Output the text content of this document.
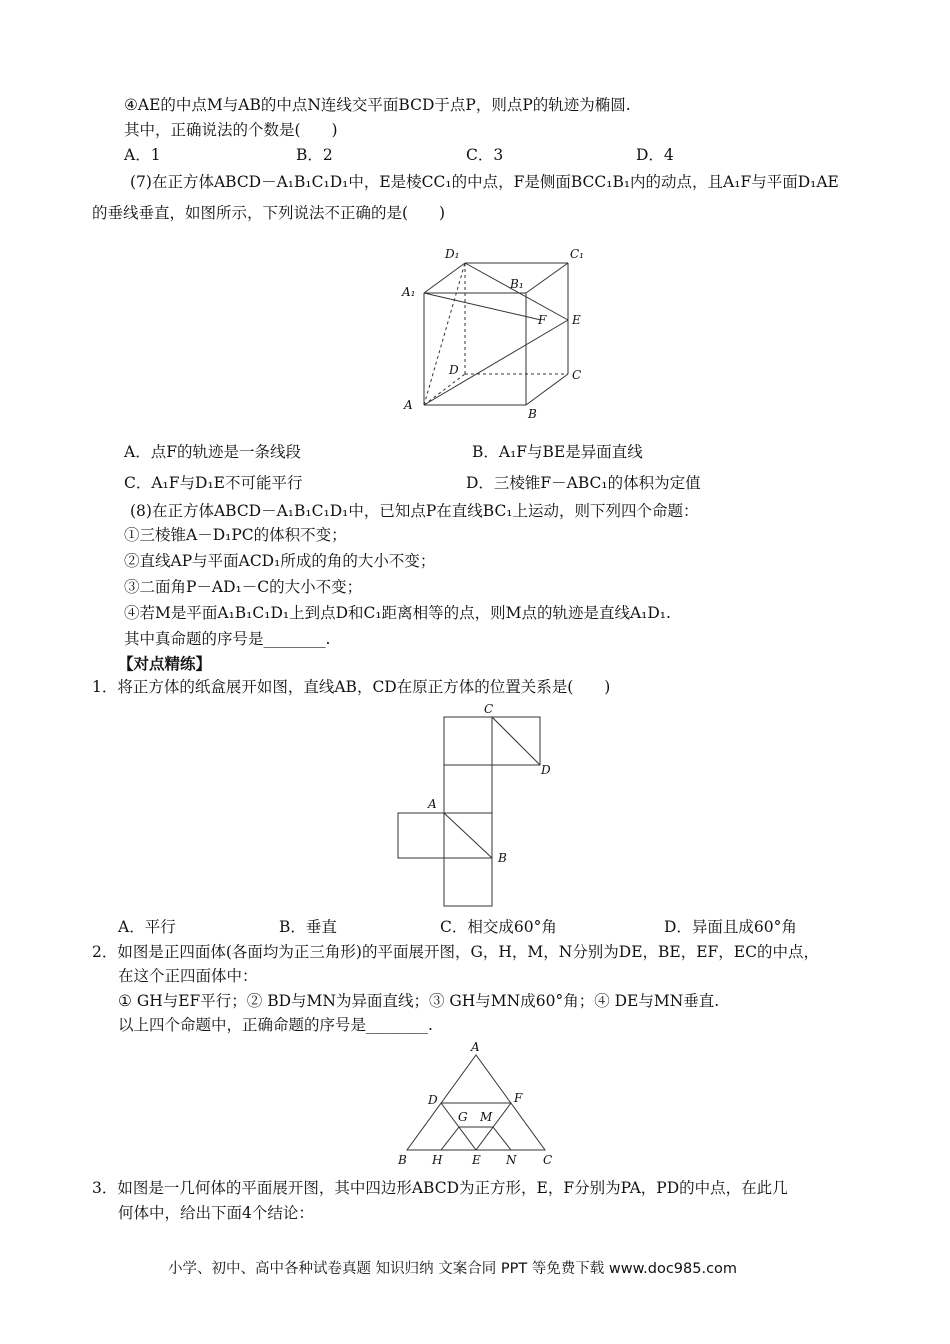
④AE的中点M与AB的中点N连线交平面BCD于点P，则点P的轨迹为椭圆.
其中，正确说法的个数是(　　)
A．1	B．2	C．3	D．4
(7)在正方体ABCD－A₁B₁C₁D₁中，E是棱CC₁的中点，F是侧面BCC₁B₁内的动点，且A₁F与平面D₁AE
的垂线垂直，如图所示，下列说法不正确的是(　　)
D₁	C₁
B₁
A₁
F E
D	C
A
B
A．点F的轨迹是一条线段	B．A₁F与BE是异面直线
C．A₁F与D₁E不可能平行	D．三棱锥F－ABC₁的体积为定值
(8)在正方体ABCD－A₁B₁C₁D₁中，已知点P在直线BC₁上运动，则下列四个命题：
①三棱锥A－D₁PC的体积不变；
②直线AP与平面ACD₁所成的角的大小不变；
③二面角P－AD₁－C的大小不变；
④若M是平面A₁B₁C₁D₁上到点D和C₁距离相等的点，则M点的轨迹是直线A₁D₁.
其中真命题的序号是________.
【对点精练】
1．将正方体的纸盒展开如图，直线AB，CD在原正方体的位置关系是(　　)
C
D
A
B
A．平行	B．垂直	C．相交成60°角	D．异面且成60°角
2．如图是正四面体(各面均为正三角形)的平面展开图，G，H，M，N分别为DE，BE，EF，EC的中点，
在这个正四面体中：
① GH与EF平行；② BD与MN为异面直线；③ GH与MN成60°角；④ DE与MN垂直.
以上四个命题中，正确命题的序号是________.
A
D	F
G M
B H E N C
3．如图是一几何体的平面展开图，其中四边形ABCD为正方形，E，F分别为PA，PD的中点，在此几
何体中，给出下面4个结论：
小学、初中、高中各种试卷真题 知识归纳 文案合同 PPT 等免费下载 www.doc985.com
